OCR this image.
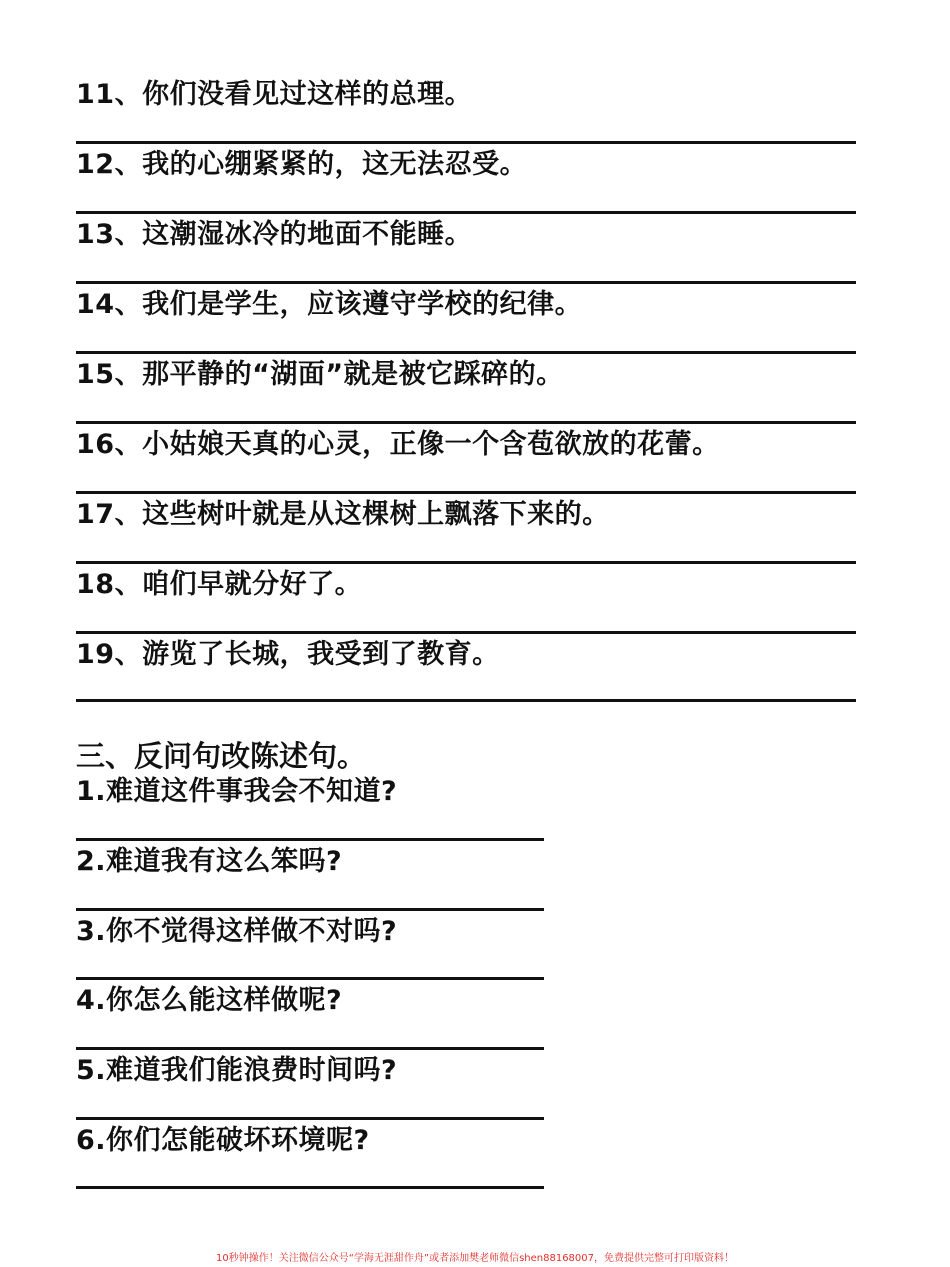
11、你们没看见过这样的总理。
12、我的心绷紧紧的，这无法忍受。
13、这潮湿冰冷的地面不能睡。
14、我们是学生，应该遵守学校的纪律。
15、那平静的“湖面”就是被它踩碎的。
16、小姑娘天真的心灵，正像一个含苞欲放的花蕾。
17、这些树叶就是从这棵树上飘落下来的。
18、咱们早就分好了。
19、游览了长城，我受到了教育。
三、反问句改陈述句。
1.难道这件事我会不知道?
2.难道我有这么笨吗?
3.你不觉得这样做不对吗?
4.你怎么能这样做呢?
5.难道我们能浪费时间吗?
6.你们怎能破坏环境呢?
10秒钟操作！关注微信公众号“学海无涯甜作舟”或者添加樊老师微信shen88168007，免费提供完整可打印版资料！
